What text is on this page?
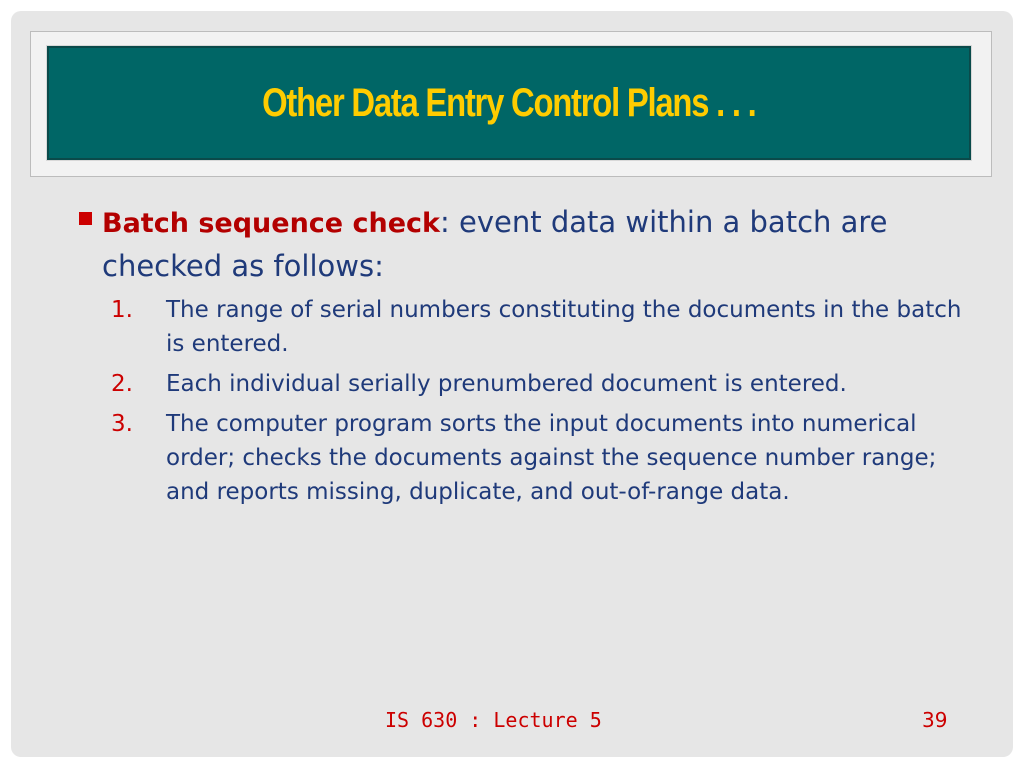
Other Data Entry Control Plans . . .
Batch sequence check: event data within a batch are checked as follows:
1. The range of serial numbers constituting the documents in the batch is entered.
2. Each individual serially prenumbered document is entered.
3. The computer program sorts the input documents into numerical order; checks the documents against the sequence number range; and reports missing, duplicate, and out-of-range data.
IS 630 : Lecture 5	39
